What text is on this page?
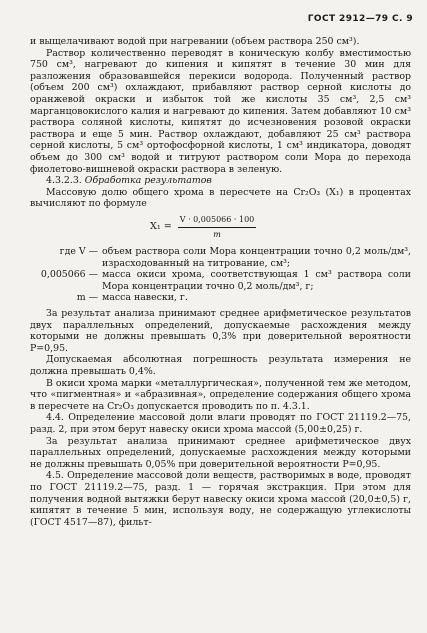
ГОСТ 2912—79 С. 9

и выщелачивают водой при нагревании (объем раствора 250 см³).

Раствор количественно переводят в коническую колбу вместимостью 750 см³, нагревают до кипения и кипятят в течение 30 мин для разложения образовавшейся перекиси водорода. Полученный раствор (объем 200 см³) охлаждают, прибавляют раствор серной кислоты до оранжевой окраски и избыток той же кислоты 35 см³, 2,5 см³ марганцовокислого калия и нагревают до кипения. Затем добавляют 10 см³ раствора соляной кислоты, кипятят до исчезновения розовой окраски раствора и еще 5 мин. Раствор охлаждают, добавляют 25 см³ раствора серной кислоты, 5 см³ ортофосфорной кислоты, 1 см³ индикатора, доводят объем до 300 см³ водой и титруют раствором соли Мора до перехода фиолетово-вишневой окраски раствора в зеленую.

4.3.2.3. Обработка результатов

Массовую долю общего хрома в пересчете на Cr₂O₃ (X₁) в процентах вычисляют по формуле

$X_1 = \frac{V \cdot 0,005066 \cdot 100}{m}$
где V — объем раствора соли Мора концентрации точно 0,2 моль/дм³, израсходованный на титрование, см³;
0,005066 — масса окиси хрома, соответствующая 1 см³ раствора соли Мора концентрации точно 0,2 моль/дм³, г;
m — масса навески, г.

За результат анализа принимают среднее арифметическое результатов двух параллельных определений, допускаемые расхождения между которыми не должны превышать 0,3% при доверительной вероятности P=0,95.

Допускаемая абсолютная погрешность результата измерения не должна превышать 0,4%.

В окиси хрома марки «металлургическая», полученной тем же методом, что «пигментная» и «абразивная», определение содержания общего хрома в пересчете на Cr₂O₃ допускается проводить по п. 4.3.1.

4.4. Определение массовой доли влаги проводят по ГОСТ 21119.2—75, разд. 2, при этом берут навеску окиси хрома массой (5,00±0,25) г.

За результат анализа принимают среднее арифметическое двух параллельных определений, допускаемые расхождения между которыми не должны превышать 0,05% при доверительной вероятности P=0,95.

4.5. Определение массовой доли веществ, растворимых в воде, проводят по ГОСТ 21119.2—75, разд. 1 — горячая экстракция. При этом для получения водной вытяжки берут навеску окиси хрома массой (20,0±0,5) г, кипятят в течение 5 мин, используя воду, не содержащую углекислоты (ГОСТ 4517—87), фильт-
